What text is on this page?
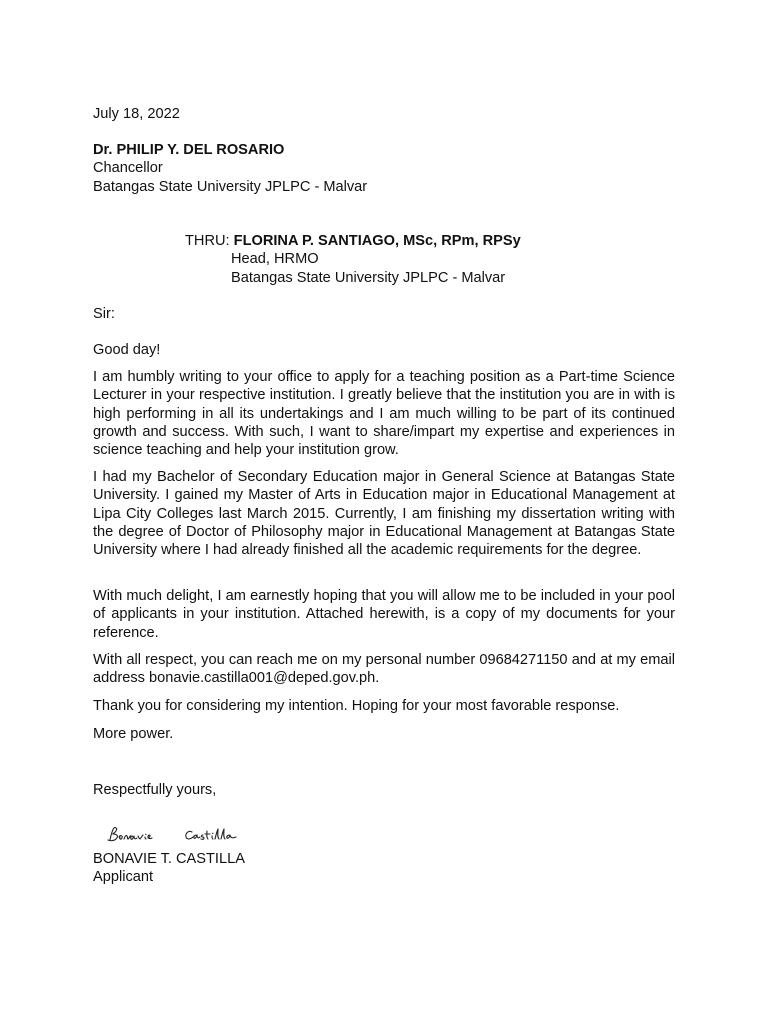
July 18, 2022
Dr. PHILIP Y. DEL ROSARIO
Chancellor
Batangas State University JPLPC - Malvar
THRU: FLORINA P. SANTIAGO, MSc, RPm, RPSy
Head, HRMO
Batangas State University JPLPC - Malvar
Sir:
Good day!
I am humbly writing to your office to apply for a teaching position as a Part-time Science Lecturer in your respective institution. I greatly believe that the institution you are in with is high performing in all its undertakings and I am much willing to be part of its continued growth and success. With such, I want to share/impart my expertise and experiences in science teaching and help your institution grow.
I had my Bachelor of Secondary Education major in General Science at Batangas State University. I gained my Master of Arts in Education major in Educational Management at Lipa City Colleges last March 2015. Currently, I am finishing my dissertation writing with the degree of Doctor of Philosophy major in Educational Management at Batangas State University where I had already finished all the academic requirements for the degree.
With much delight, I am earnestly hoping that you will allow me to be included in your pool of applicants in your institution. Attached herewith, is a copy of my documents for your reference.
With all respect, you can reach me on my personal number 09684271150 and at my email address bonavie.castilla001@deped.gov.ph.
Thank you for considering my intention. Hoping for your most favorable response.
More power.
Respectfully yours,
BONAVIE T. CASTILLA
Applicant
